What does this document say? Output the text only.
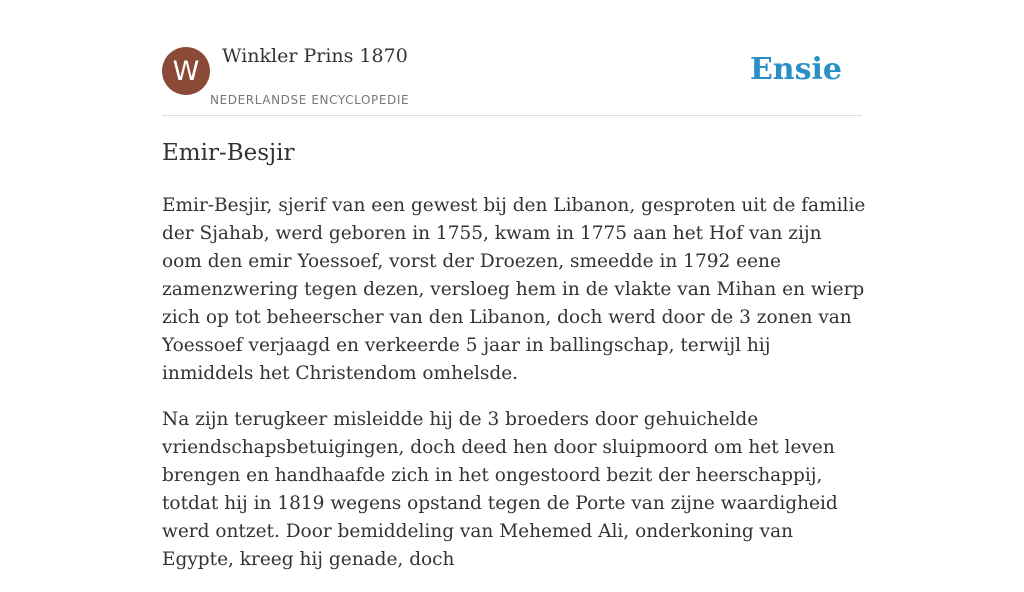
W	Winkler Prins 1870
NEDERLANDSE ENCYCLOPEDIE
Ensie
Emir-Besjir

Emir-Besjir, sjerif van een gewest bij den Libanon, gesproten uit de familie der Sjahab, werd geboren in 1755, kwam in 1775 aan het Hof van zijn oom den emir Yoessoef, vorst der Droezen, smeedde in 1792 eene zamenzwering tegen dezen, versloeg hem in de vlakte van Mihan en wierp zich op tot beheerscher van den Libanon, doch werd door de 3 zonen van Yoessoef verjaagd en verkeerde 5 jaar in ballingschap, terwijl hij inmiddels het Christendom omhelsde.

Na zijn terugkeer misleidde hij de 3 broeders door gehuichelde vriendschapsbetuigingen, doch deed hen door sluipmoord om het leven brengen en handhaafde zich in het ongestoord bezit der heerschappij, totdat hij in 1819 wegens opstand tegen de Porte van zijne waardigheid werd ontzet. Door bemiddeling van Mehemed Ali, onderkoning van Egypte, kreeg hij genade, doch
